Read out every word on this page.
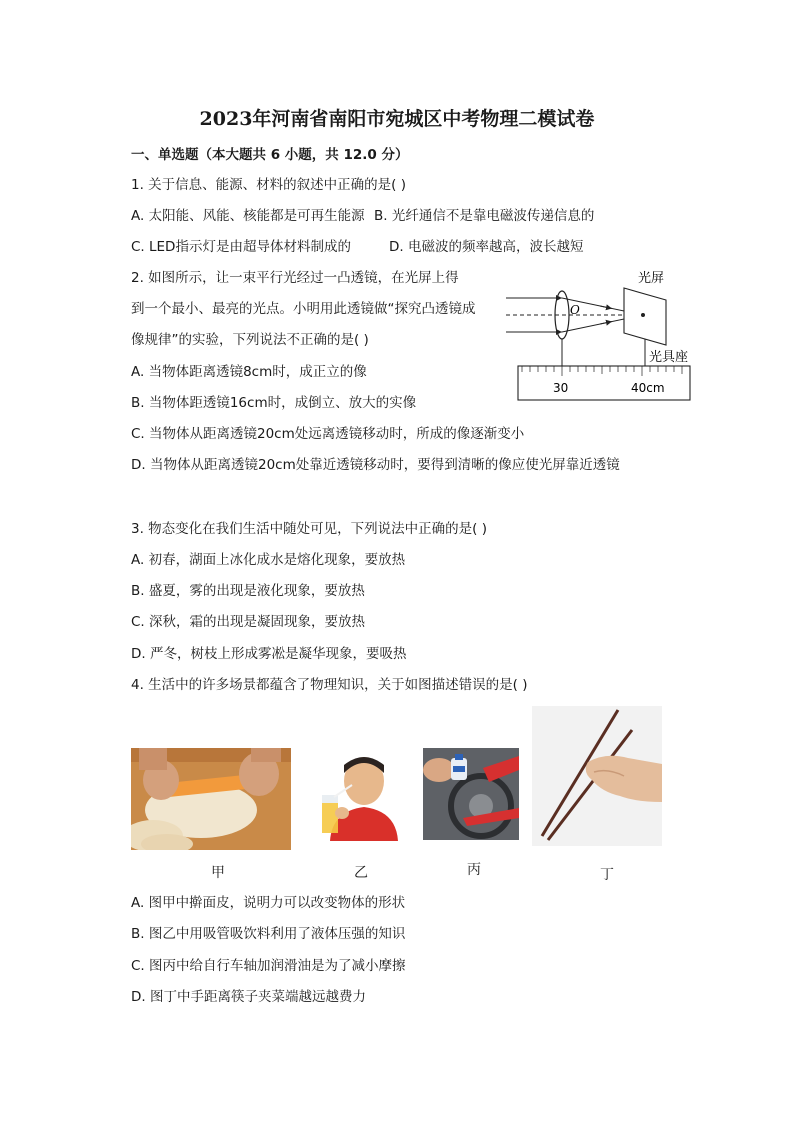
2023年河南省南阳市宛城区中考物理二模试卷
一、单选题（本大题共 6 小题，共 12.0 分）
1. 关于信息、能源、材料的叙述中正确的是( )
A. 太阳能、风能、核能都是可再生能源 B. 光纤通信不是靠电磁波传递信息的
C. LED指示灯是由超导体材料制成的	D. 电磁波的频率越高，波长越短
2. 如图所示，让一束平行光经过一凸透镜，在光屏上得
到一个最小、最亮的光点。小明用此透镜做“探究凸透镜成
像规律”的实验，下列说法不正确的是( )
A. 当物体距离透镜8cm时，成正立的像
B. 当物体距透镜16cm时，成倒立、放大的实像
C. 当物体从距离透镜20cm处远离透镜移动时，所成的像逐渐变小
D. 当物体从距离透镜20cm处靠近透镜移动时，要得到清晰的像应使光屏靠近透镜
O
光屏
光具座
30	40cm
3. 物态变化在我们生活中随处可见，下列说法中正确的是( )
A. 初春，湖面上冰化成水是熔化现象，要放热
B. 盛夏，雾的出现是液化现象，要放热
C. 深秋，霜的出现是凝固现象，要放热
D. 严冬，树枝上形成雾凇是凝华现象，要吸热
4. 生活中的许多场景都蕴含了物理知识，关于如图描述错误的是( )
甲	乙	丙	丁
A. 图甲中擀面皮，说明力可以改变物体的形状
B. 图乙中用吸管吸饮料利用了液体压强的知识
C. 图丙中给自行车轴加润滑油是为了减小摩擦
D. 图丁中手距离筷子夹菜端越远越费力
